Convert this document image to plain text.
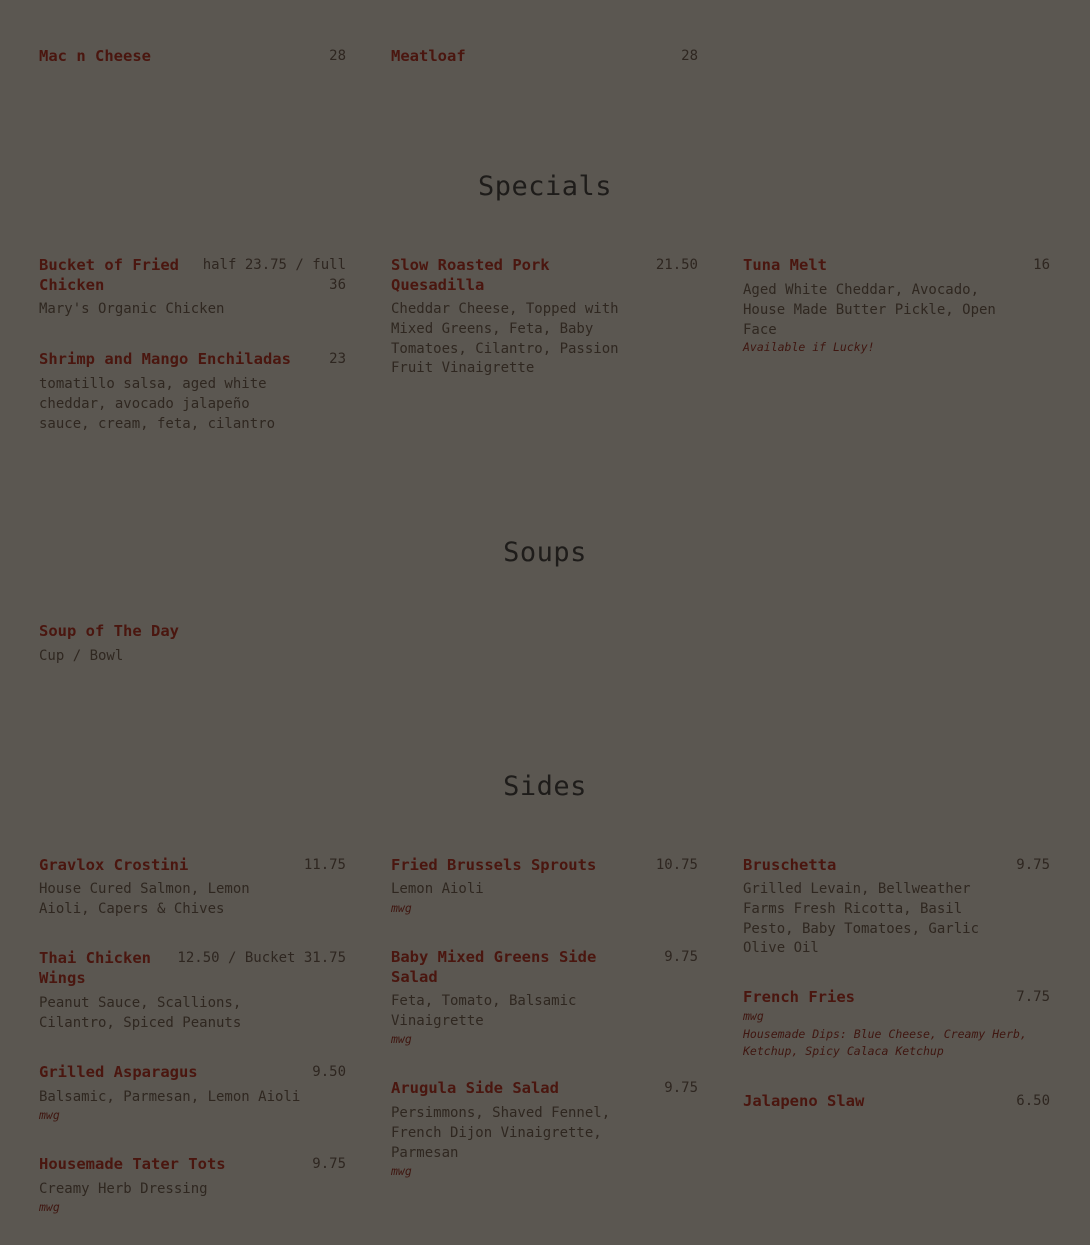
Mac n Cheese	28	Meatloaf	28
Specials
Bucket of Fried Chicken
half 23.75 / full 36
Mary's Organic Chicken
Shrimp and Mango Enchiladas	23
tomatillo salsa, aged white cheddar, avocado jalapeño sauce, cream, feta, cilantro
Slow Roasted Pork Quesadilla
21.50
Cheddar Cheese, Topped with Mixed Greens, Feta, Baby Tomatoes, Cilantro, Passion Fruit Vinaigrette
Tuna Melt	16
Aged White Cheddar, Avocado, House Made Butter Pickle, Open Face
Available if Lucky!
Soups
Soup of The Day
Cup / Bowl
Sides
Gravlox Crostini	11.75
House Cured Salmon, Lemon Aioli, Capers & Chives
Thai Chicken Wings
12.50 / Bucket 31.75
Peanut Sauce, Scallions, Cilantro, Spiced Peanuts
Grilled Asparagus	9.50
Balsamic, Parmesan, Lemon Aioli
mwg
Housemade Tater Tots	9.75
Creamy Herb Dressing
mwg
Fried Brussels Sprouts	10.75
Lemon Aioli
mwg
Baby Mixed Greens Side Salad
9.75
Feta, Tomato, Balsamic Vinaigrette
mwg
Arugula Side Salad	9.75
Persimmons, Shaved Fennel, French Dijon Vinaigrette, Parmesan
mwg
Bruschetta	9.75
Grilled Levain, Bellweather Farms Fresh Ricotta, Basil Pesto, Baby Tomatoes, Garlic Olive Oil
French Fries	7.75
mwg
Housemade Dips: Blue Cheese, Creamy Herb, Ketchup, Spicy Calaca Ketchup
Jalapeno Slaw	6.50
